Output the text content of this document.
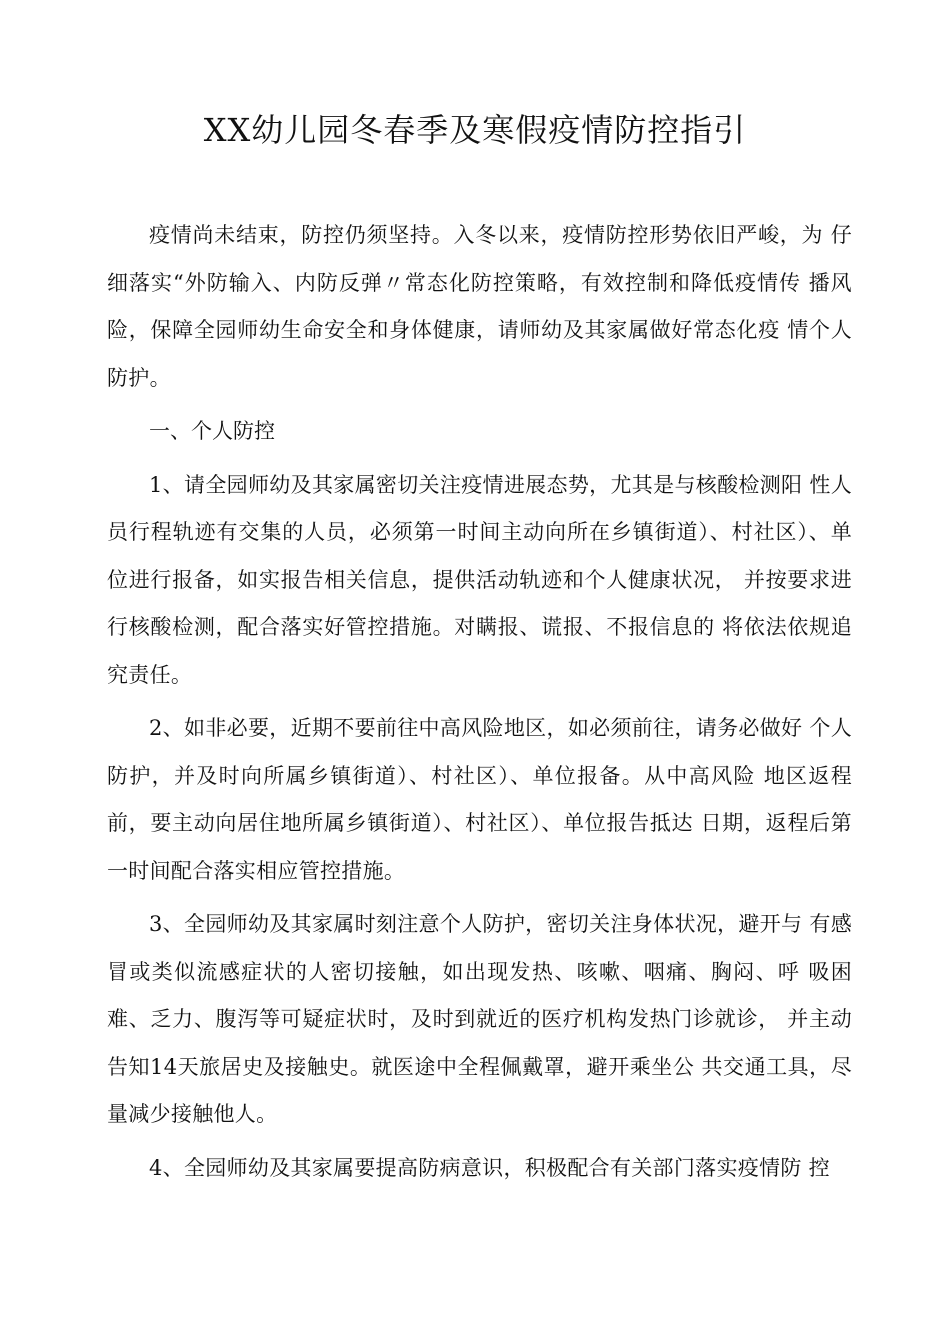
XX幼儿园冬春季及寒假疫情防控指引

疫情尚未结束，防控仍须坚持。入冬以来，疫情防控形势依旧严峻，为 仔细落实“外防输入、内防反弹〃常态化防控策略，有效控制和降低疫情传 播风险，保障全园师幼生命安全和身体健康，请师幼及其家属做好常态化疫 情个人防护。

一、个人防控

1、请全园师幼及其家属密切关注疫情进展态势，尤其是与核酸检测阳 性人员行程轨迹有交集的人员，必须第一时间主动向所在乡镇街道）、村社区）、单位进行报备，如实报告相关信息，提供活动轨迹和个人健康状况， 并按要求进行核酸检测，配合落实好管控措施。对瞒报、谎报、不报信息的 将依法依规追究责任。

2、如非必要，近期不要前往中高风险地区，如必须前往，请务必做好 个人防护，并及时向所属乡镇街道）、村社区）、单位报备。从中高风险 地区返程前，要主动向居住地所属乡镇街道）、村社区）、单位报告抵达 日期，返程后第一时间配合落实相应管控措施。

3、全园师幼及其家属时刻注意个人防护，密切关注身体状况，避开与 有感冒或类似流感症状的人密切接触，如出现发热、咳嗽、咽痛、胸闷、呼 吸困难、乏力、腹泻等可疑症状时，及时到就近的医疗机构发热门诊就诊， 并主动告知14天旅居史及接触史。就医途中全程佩戴罩，避开乘坐公 共交通工具，尽量减少接触他人。

4、全园师幼及其家属要提高防病意识，积极配合有关部门落实疫情防 控
